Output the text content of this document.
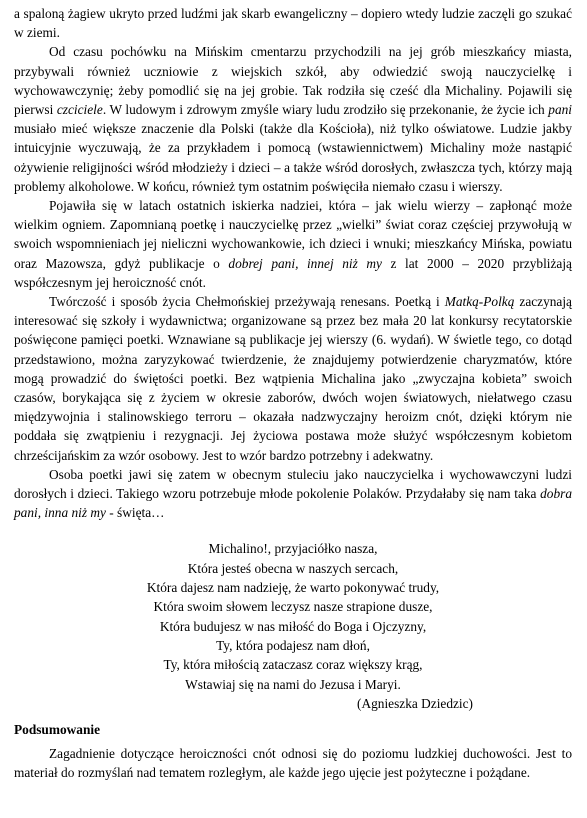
a spaloną żagiew ukryto przed ludźmi jak skarb ewangeliczny – dopiero wtedy ludzie zaczęli go szukać w ziemi.

Od czasu pochówku na Mińskim cmentarzu przychodzili na jej grób mieszkańcy miasta, przybywali również uczniowie z wiejskich szkół, aby odwiedzić swoją nauczycielkę i wychowawczynię; żeby pomodlić się na jej grobie. Tak rodziła się cześć dla Michaliny. Pojawili się pierwsi czciciele. W ludowym i zdrowym zmyśle wiary ludu zrodziło się przekonanie, że życie ich pani musiało mieć większe znaczenie dla Polski (także dla Kościoła), niż tylko oświatowe. Ludzie jakby intuicyjnie wyczuwają, że za przykładem i pomocą (wstawiennictwem) Michaliny może nastąpić ożywienie religijności wśród młodzieży i dzieci – a także wśród dorosłych, zwłaszcza tych, którzy mają problemy alkoholowe. W końcu, również tym ostatnim poświęciła niemało czasu i wierszy.

Pojawiła się w latach ostatnich iskierka nadziei, która – jak wielu wierzy – zapłonąć może wielkim ogniem. Zapomnianą poetkę i nauczycielkę przez „wielki” świat coraz częściej przywołują w swoich wspomnieniach jej nieliczni wychowankowie, ich dzieci i wnuki; mieszkańcy Mińska, powiatu oraz Mazowsza, gdyż publikacje o dobrej pani, innej niż my z lat 2000 – 2020 przybliżają współczesnym jej heroiczność cnót.

Twórczość i sposób życia Chełmońskiej przeżywają renesans. Poetką i Matką-Polką zaczynają interesować się szkoły i wydawnictwa; organizowane są przez bez mała 20 lat konkursy recytatorskie poświęcone pamięci poetki. Wznawiane są publikacje jej wierszy (6. wydań). W świetle tego, co dotąd przedstawiono, można zaryzykować twierdzenie, że znajdujemy potwierdzenie charyzmatów, które mogą prowadzić do świętości poetki. Bez wątpienia Michalina jako „zwyczajna kobieta” swoich czasów, borykająca się z życiem w okresie zaborów, dwóch wojen światowych, niełatwego czasu międzywojnia i stalinowskiego terroru – okazała nadzwyczajny heroizm cnót, dzięki którym nie poddała się zwątpieniu i rezygnacji. Jej życiowa postawa może służyć współczesnym kobietom chrześcijańskim za wzór osobowy. Jest to wzór bardzo potrzebny i adekwatny.

Osoba poetki jawi się zatem w obecnym stuleciu jako nauczycielka i wychowawczyni ludzi dorosłych i dzieci. Takiego wzoru potrzebuje młode pokolenie Polaków. Przydałaby się nam taka dobra pani, inna niż my - święta…

Michalino!, przyjaciółko nasza,
Która jesteś obecna w naszych sercach,
Która dajesz nam nadzieję, że warto pokonywać trudy,
Która swoim słowem leczysz nasze strapione dusze,
Która budujesz w nas miłość do Boga i Ojczyzny,
Ty, która podajesz nam dłoń,
Ty, która miłością zataczasz coraz większy krąg,
Wstawiaj się na nami do Jezusa i Maryi.
(Agnieszka Dziedzic)
Podsumowanie

Zagadnienie dotyczące heroiczności cnót odnosi się do poziomu ludzkiej duchowości. Jest to materiał do rozmyślań nad tematem rozległym, ale każde jego ujęcie jest pożyteczne i pożądane.
